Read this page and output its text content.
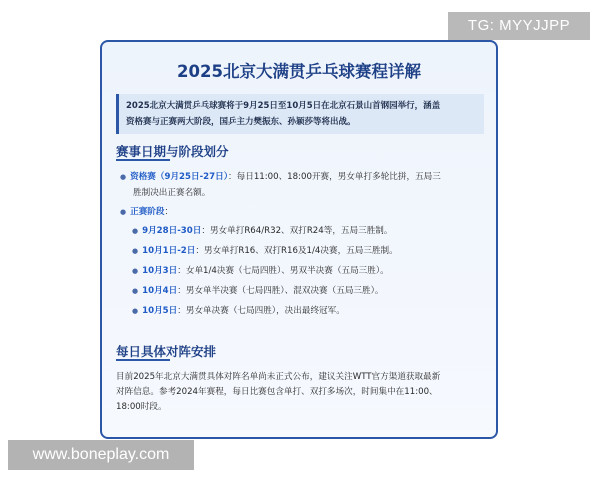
TG: MYYJJPP
2025北京大满贯乒乓球赛程详解
2025北京大满贯乒乓球赛将于9月25日至10月5日在北京石景山首钢园举行，涵盖
资格赛与正赛两大阶段，国乒主力樊振东、孙颖莎等将出战。
赛事日期与阶段划分
● 资格赛（9月25日-27日）：每日11:00、18:00开赛，男女单打多轮比拼，五局三
胜制决出正赛名额。
● 正赛阶段：
● 9月28日-30日：男女单打R64/R32、双打R24等，五局三胜制。
● 10月1日-2日：男女单打R16、双打R16及1/4决赛，五局三胜制。
● 10月3日：女单1/4决赛（七局四胜）、男双半决赛（五局三胜）。
● 10月4日：男女单半决赛（七局四胜）、混双决赛（五局三胜）。
● 10月5日：男女单决赛（七局四胜），决出最终冠军。
每日具体对阵安排
目前2025年北京大满贯具体对阵名单尚未正式公布，建议关注WTT官方渠道获取最新
对阵信息。参考2024年赛程，每日比赛包含单打、双打多场次，时间集中在11:00、
18:00时段。
www.boneplay.com
